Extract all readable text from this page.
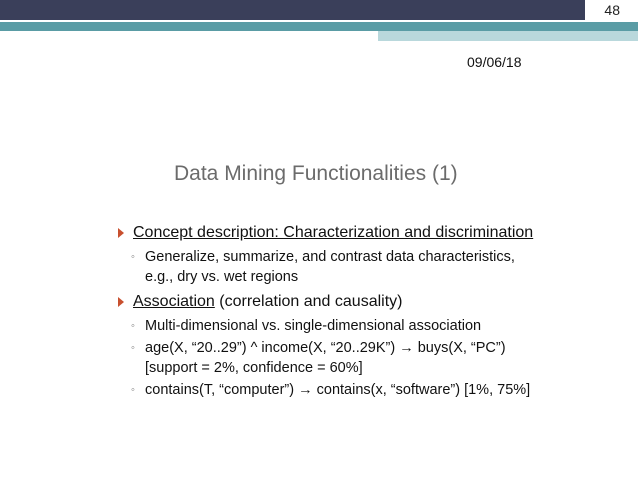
48
09/06/18
Data Mining Functionalities (1)
Concept description: Characterization and discrimination
◦ Generalize, summarize, and contrast data characteristics, e.g., dry vs. wet regions
Association (correlation and causality)
◦ Multi-dimensional vs. single-dimensional association
◦ age(X, “20..29”) ^ income(X, “20..29K”) → buys(X, “PC”) [support = 2%, confidence = 60%]
◦ contains(T, “computer”) → contains(x, “software”) [1%, 75%]
